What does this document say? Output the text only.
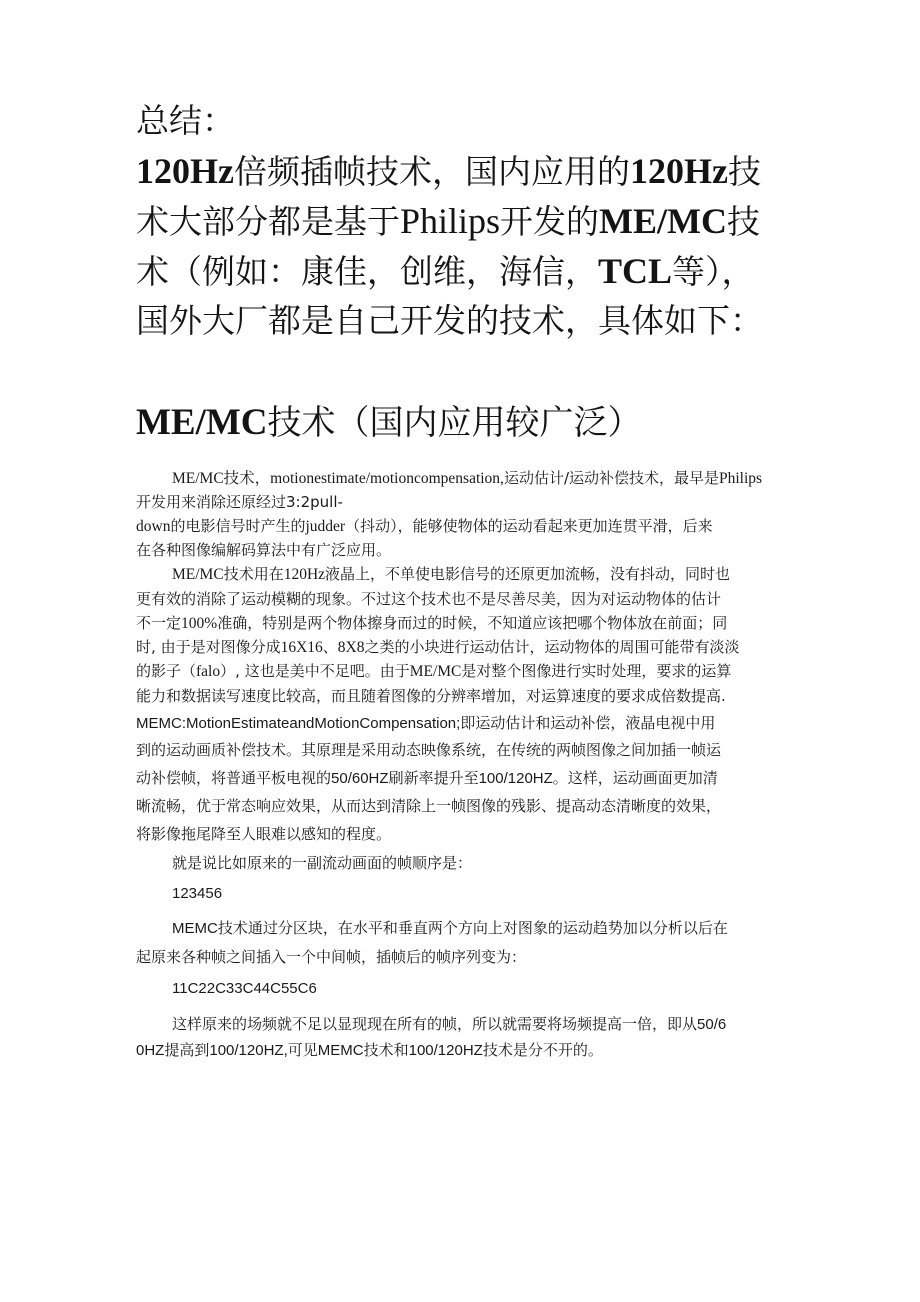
总结：
120Hz倍频插帧技术，国内应用的120Hz技
术大部分都是基于Philips开发的ME/MC技
术（例如：康佳，创维，海信，TCL等），
国外大厂都是自己开发的技术，具体如下：
ME/MC技术（国内应用较广泛）
ME/MC技术，motionestimate/motioncompensation,运动估计/运动补偿技术，最早是Philips
开发用来消除还原经过3:2pull-
down的电影信号时产生的judder（抖动），能够使物体的运动看起来更加连贯平滑，后来
在各种图像编解码算法中有广泛应用。
ME/MC技术用在120Hz液晶上，不单使电影信号的还原更加流畅，没有抖动，同时也
更有效的消除了运动模糊的现象。不过这个技术也不是尽善尽美，因为对运动物体的估计
不一定100%准确，特别是两个物体擦身而过的时候，不知道应该把哪个物体放在前面；同
时, 由于是对图像分成16X16、8X8之类的小块进行运动估计，运动物体的周围可能带有淡淡
的影子（falo）, 这也是美中不足吧。由于ME/MC是对整个图像进行实时处理，要求的运算
能力和数据读写速度比较高，而且随着图像的分辨率增加，对运算速度的要求成倍数提高.
MEMC:MotionEstimateandMotionCompensation;即运动估计和运动补偿，液晶电视中用
到的运动画质补偿技术。其原理是采用动态映像系统，在传统的两帧图像之间加插一帧运
动补偿帧，将普通平板电视的50/60HZ刷新率提升至100/120HZ。这样，运动画面更加清
晰流畅，优于常态响应效果，从而达到清除上一帧图像的残影、提高动态清晰度的效果，
将影像拖尾降至人眼难以感知的程度。
就是说比如原来的一副流动画面的帧顺序是：
123456
MEMC技术通过分区块，在水平和垂直两个方向上对图象的运动趋势加以分析以后在
起原来各种帧之间插入一个中间帧，插帧后的帧序列变为：
11C22C33C44C55C6
这样原来的场频就不足以显现现在所有的帧，所以就需要将场频提高一倍，即从50/6
0HZ提高到100/120HZ,可见MEMC技术和100/120HZ技术是分不开的。
